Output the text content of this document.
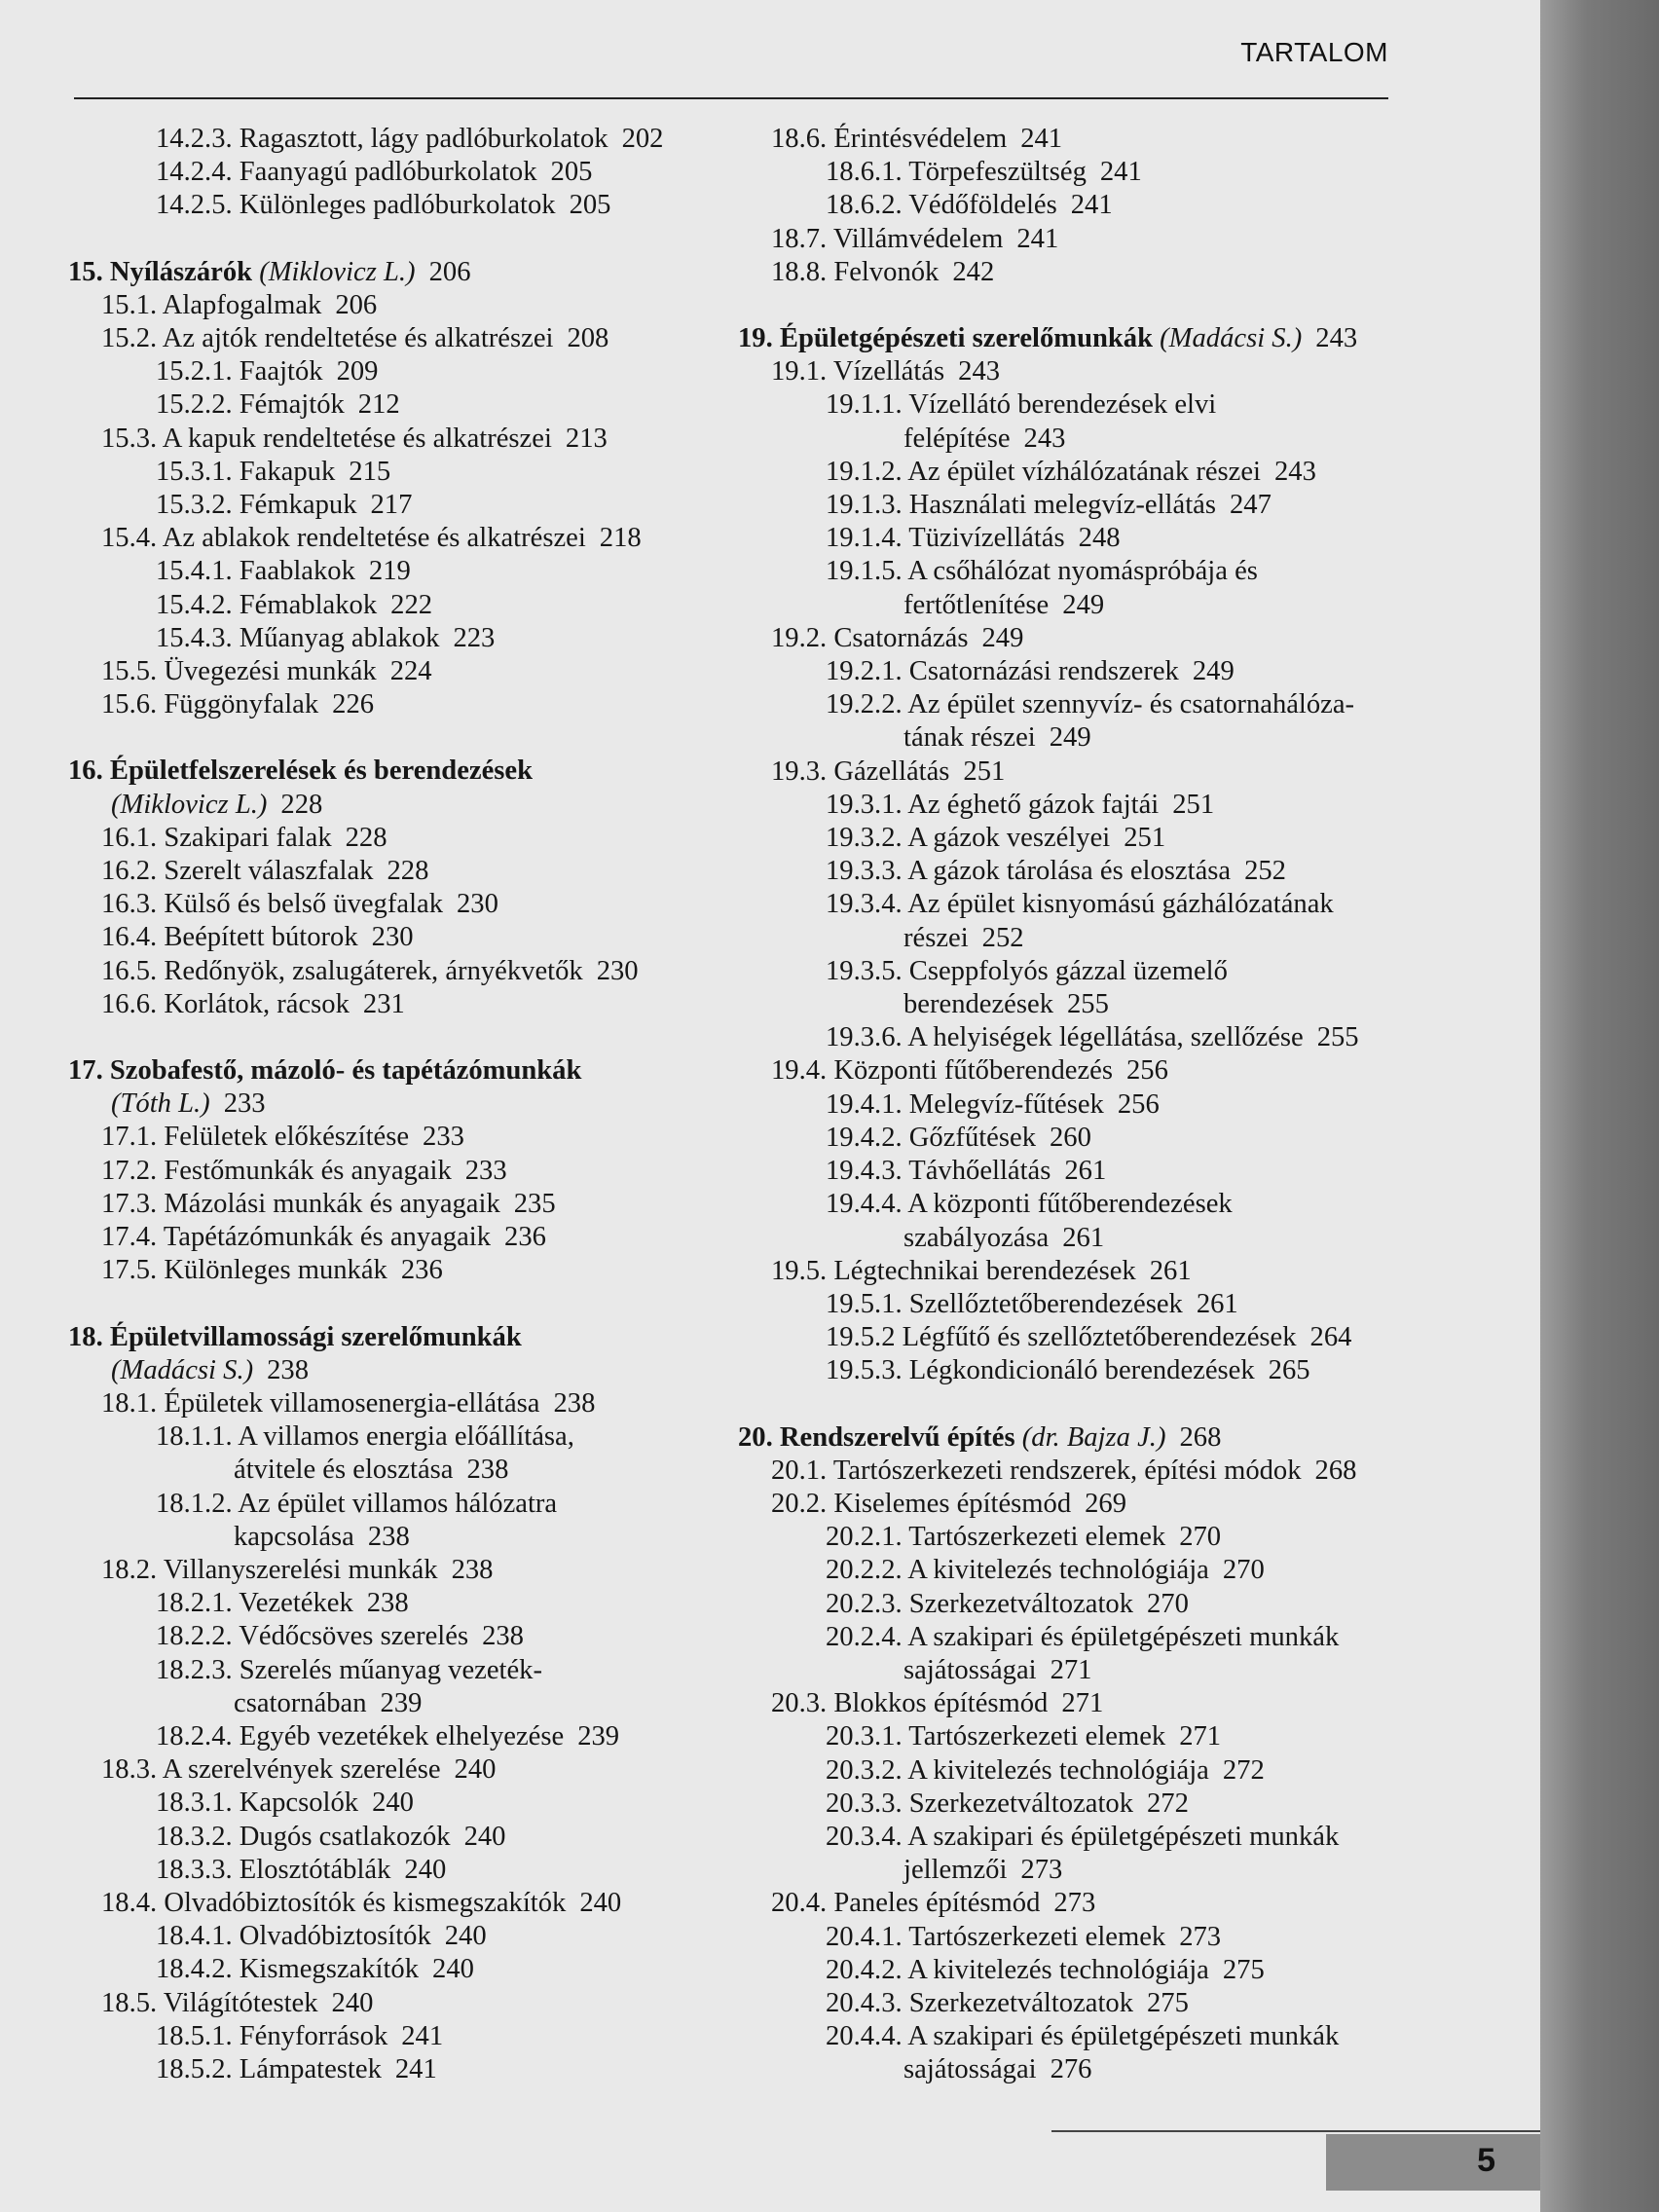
TARTALOM
14.2.3. Ragasztott, lágy padlóburkolatok 202
14.2.4. Faanyagú padlóburkolatok 205
14.2.5. Különleges padlóburkolatok 205
15. Nyílászárók (Miklovicz L.) 206
15.1. Alapfogalmak 206
15.2. Az ajtók rendeltetése és alkatrészei 208
15.2.1. Faajtók 209
15.2.2. Fémajtók 212
15.3. A kapuk rendeltetése és alkatrészei 213
15.3.1. Fakapuk 215
15.3.2. Fémkapuk 217
15.4. Az ablakok rendeltetése és alkatrészei 218
15.4.1. Faablakok 219
15.4.2. Fémablakok 222
15.4.3. Műanyag ablakok 223
15.5. Üvegezési munkák 224
15.6. Függönyfalak 226
16. Épületfelszerelések és berendezések
(Miklovicz L.) 228
16.1. Szakipari falak 228
16.2. Szerelt válaszfalak 228
16.3. Külső és belső üvegfalak 230
16.4. Beépített bútorok 230
16.5. Redőnyök, zsalugáterek, árnyékvetők 230
16.6. Korlátok, rácsok 231
17. Szobafestő, mázoló- és tapétázómunkák
(Tóth L.) 233
17.1. Felületek előkészítése 233
17.2. Festőmunkák és anyagaik 233
17.3. Mázolási munkák és anyagaik 235
17.4. Tapétázómunkák és anyagaik 236
17.5. Különleges munkák 236
18. Épületvillamossági szerelőmunkák
(Madácsi S.) 238
18.1. Épületek villamosenergia-ellátása 238
18.1.1. A villamos energia előállítása,
átvitele és elosztása 238
18.1.2. Az épület villamos hálózatra
kapcsolása 238
18.2. Villanyszerelési munkák 238
18.2.1. Vezetékek 238
18.2.2. Védőcsöves szerelés 238
18.2.3. Szerelés műanyag vezeték-
csatornában 239
18.2.4. Egyéb vezetékek elhelyezése 239
18.3. A szerelvények szerelése 240
18.3.1. Kapcsolók 240
18.3.2. Dugós csatlakozók 240
18.3.3. Elosztótáblák 240
18.4. Olvadóbiztosítók és kismegszakítók 240
18.4.1. Olvadóbiztosítók 240
18.4.2. Kismegszakítók 240
18.5. Világítótestek 240
18.5.1. Fényforrások 241
18.5.2. Lámpatestek 241
18.6. Érintésvédelem 241
18.6.1. Törpefeszültség 241
18.6.2. Védőföldelés 241
18.7. Villámvédelem 241
18.8. Felvonók 242
19. Épületgépészeti szerelőmunkák (Madácsi S.) 243
19.1. Vízellátás 243
19.1.1. Vízellátó berendezések elvi
felépítése 243
19.1.2. Az épület vízhálózatának részei 243
19.1.3. Használati melegvíz-ellátás 247
19.1.4. Tüzivízellátás 248
19.1.5. A csőhálózat nyomáspróbája és
fertőtlenítése 249
19.2. Csatornázás 249
19.2.1. Csatornázási rendszerek 249
19.2.2. Az épület szennyvíz- és csatornahálóza-
tának részei 249
19.3. Gázellátás 251
19.3.1. Az éghető gázok fajtái 251
19.3.2. A gázok veszélyei 251
19.3.3. A gázok tárolása és elosztása 252
19.3.4. Az épület kisnyomású gázhálózatának
részei 252
19.3.5. Cseppfolyós gázzal üzemelő
berendezések 255
19.3.6. A helyiségek légellátása, szellőzése 255
19.4. Központi fűtőberendezés 256
19.4.1. Melegvíz-fűtések 256
19.4.2. Gőzfűtések 260
19.4.3. Távhőellátás 261
19.4.4. A központi fűtőberendezések
szabályozása 261
19.5. Légtechnikai berendezések 261
19.5.1. Szellőztetőberendezések 261
19.5.2 Légfűtő és szellőztetőberendezések 264
19.5.3. Légkondicionáló berendezések 265
20. Rendszerelvű építés (dr. Bajza J.) 268
20.1. Tartószerkezeti rendszerek, építési módok 268
20.2. Kiselemes építésmód 269
20.2.1. Tartószerkezeti elemek 270
20.2.2. A kivitelezés technológiája 270
20.2.3. Szerkezetváltozatok 270
20.2.4. A szakipari és épületgépészeti munkák
sajátosságai 271
20.3. Blokkos építésmód 271
20.3.1. Tartószerkezeti elemek 271
20.3.2. A kivitelezés technológiája 272
20.3.3. Szerkezetváltozatok 272
20.3.4. A szakipari és épületgépészeti munkák
jellemzői 273
20.4. Paneles építésmód 273
20.4.1. Tartószerkezeti elemek 273
20.4.2. A kivitelezés technológiája 275
20.4.3. Szerkezetváltozatok 275
20.4.4. A szakipari és épületgépészeti munkák
sajátosságai 276
5
